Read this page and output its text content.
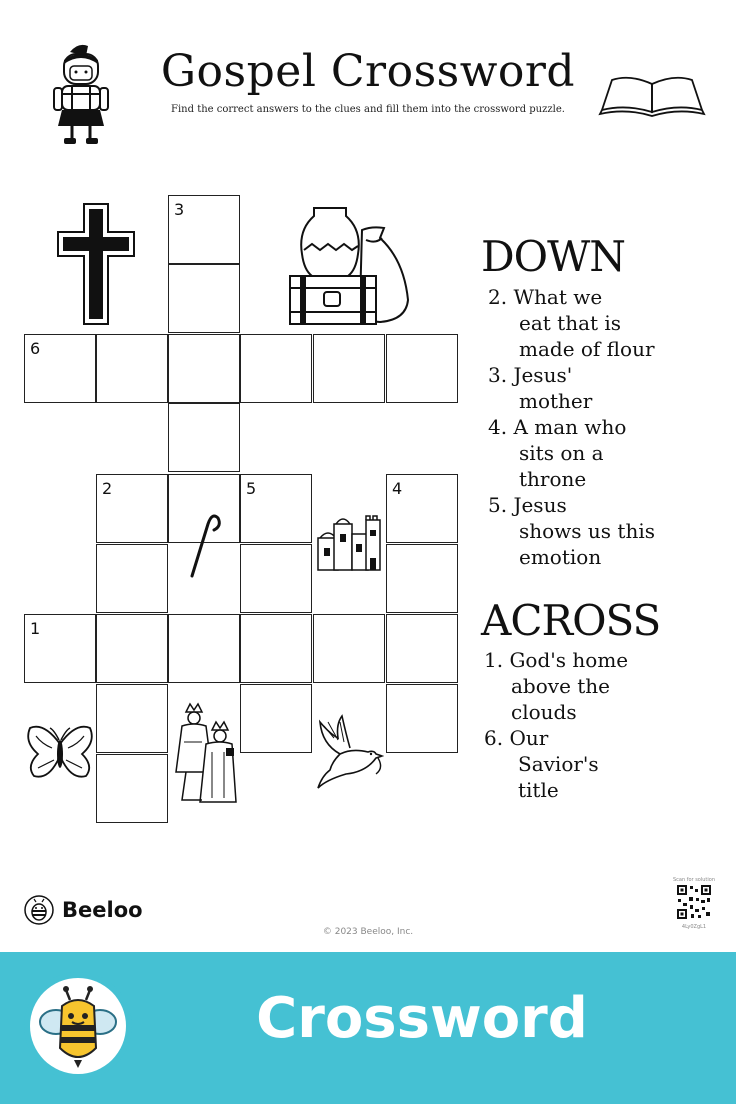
Gospel Crossword
Find the correct answers to the clues and fill them into the crossword puzzle.
3
6
2	5	4
1
DOWN
2. What we
eat that is
made of flour
3. Jesus'
mother
4. A man who
sits on a
throne
5. Jesus
shows us this
emotion
ACROSS
1. God's home
above the
clouds
6. Our
Savior's
title
Beeloo
© 2023 Beeloo, Inc.
Scan for solution
4Ly0ZgL1
Crossword
